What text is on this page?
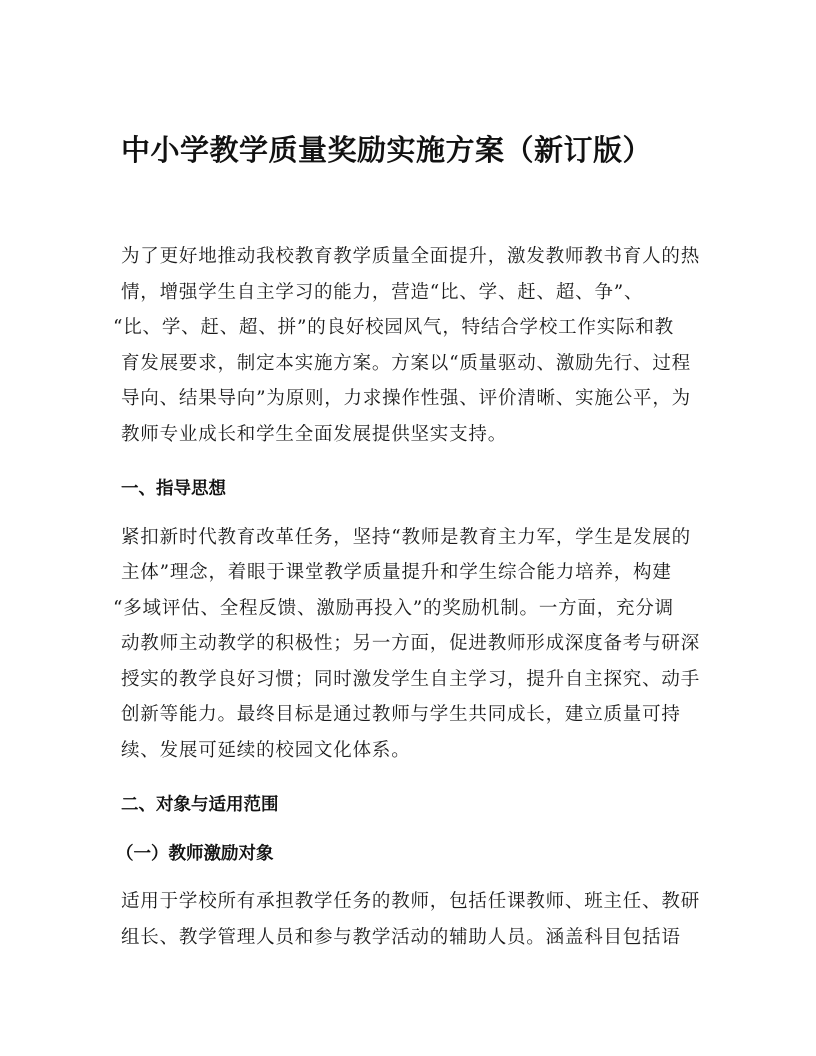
中小学教学质量奖励实施方案（新订版）
为了更好地推动我校教育教学质量全面提升，激发教师教书育人的热
情，增强学生自主学习的能力，营造“比、学、赶、超、争”、
“比、学、赶、超、拼”的良好校园风气，特结合学校工作实际和教
育发展要求，制定本实施方案。方案以“质量驱动、激励先行、过程
导向、结果导向”为原则，力求操作性强、评价清晰、实施公平，为
教师专业成长和学生全面发展提供坚实支持。
一、指导思想
紧扣新时代教育改革任务，坚持“教师是教育主力军，学生是发展的
主体”理念，着眼于课堂教学质量提升和学生综合能力培养，构建
“多域评估、全程反馈、激励再投入”的奖励机制。一方面，充分调
动教师主动教学的积极性；另一方面，促进教师形成深度备考与研深
授实的教学良好习惯；同时激发学生自主学习，提升自主探究、动手
创新等能力。最终目标是通过教师与学生共同成长，建立质量可持
续、发展可延续的校园文化体系。
二、对象与适用范围
（一）教师激励对象
适用于学校所有承担教学任务的教师，包括任课教师、班主任、教研
组长、教学管理人员和参与教学活动的辅助人员。涵盖科目包括语
